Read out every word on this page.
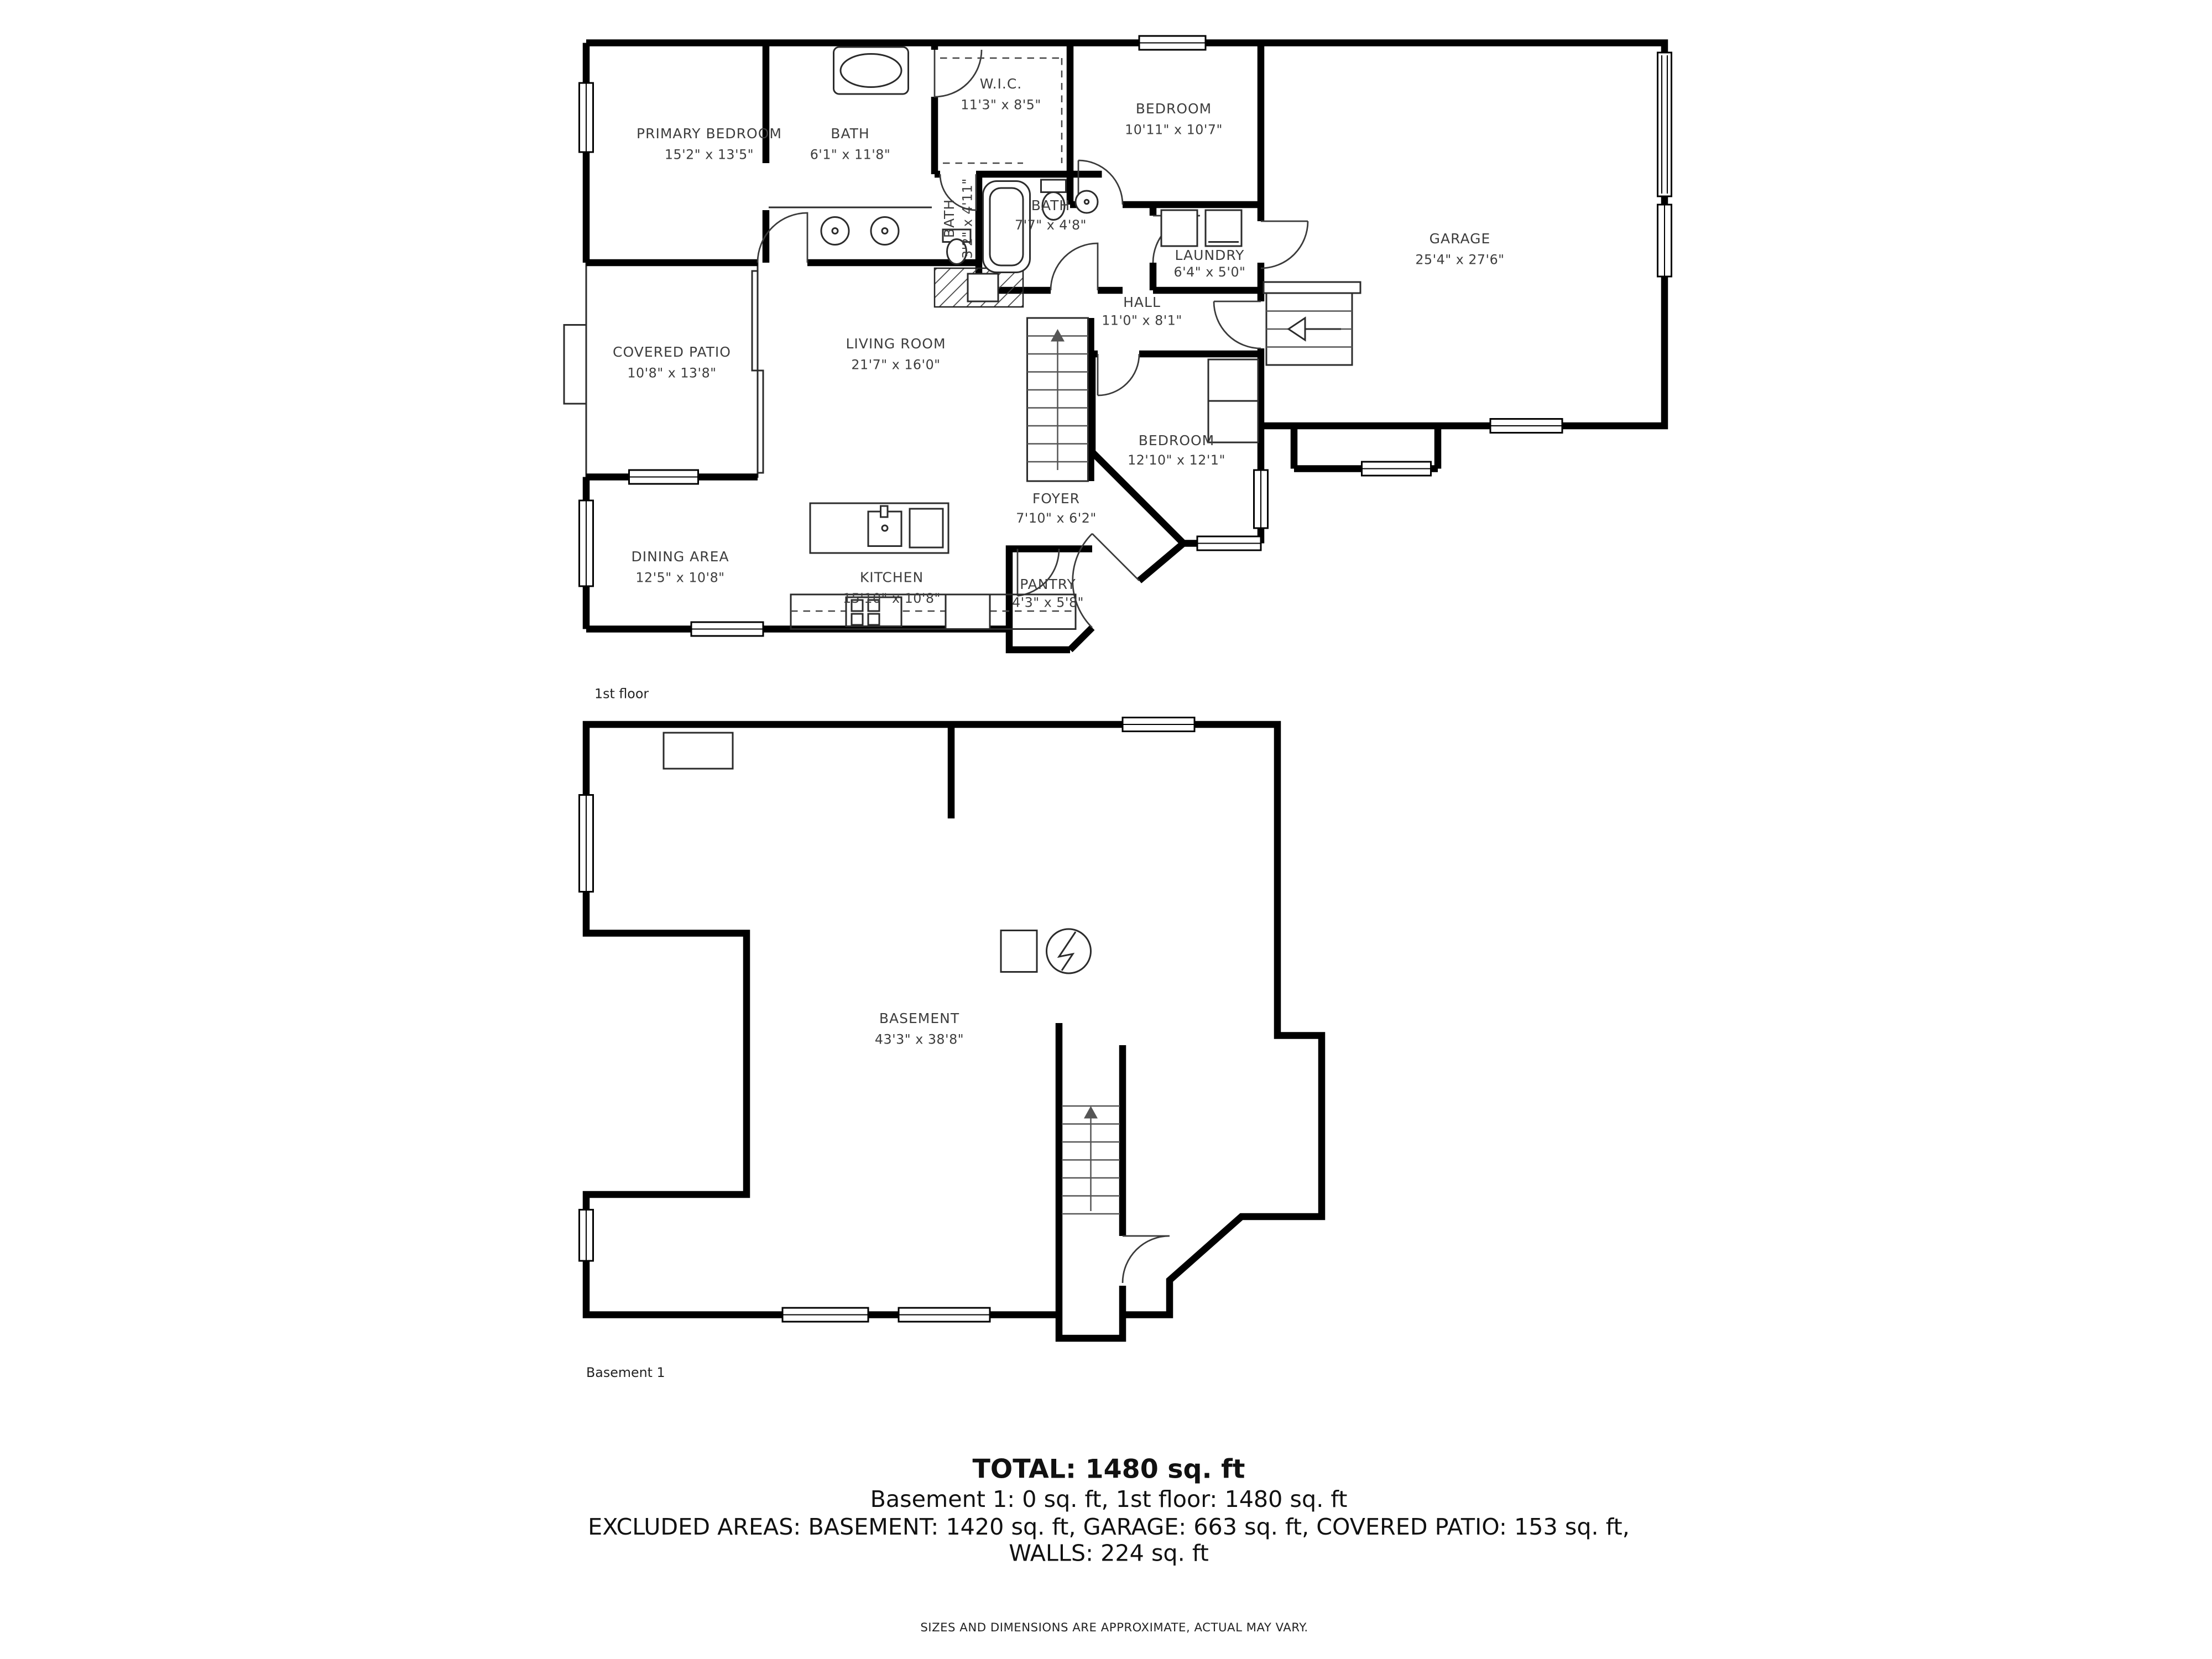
PRIMARY BEDROOM
15'2" x 13'5"
BATH
6'1" x 11'8"
W.I.C.
11'3" x 8'5"	BEDROOM
10'11" x 10'7"
BATH 3'2" x 4'11"	BATH
7'7" x 4'8"
LAUNDRY
6'4" x 5'0"
HALL
11'0" x 8'1"
GARAGE
25'4" x 27'6"
COVERED PATIO
10'8" x 13'8"
LIVING ROOM
21'7" x 16'0"
BEDROOM
12'10" x 12'1"
FOYER
7'10" x 6'2"
DINING AREA
12'5" x 10'8"	KITCHEN
15'10" x 10'8"
PANTRY
4'3" x 5'8"
1st floor
BASEMENT
43'3" x 38'8"
Basement 1
TOTAL: 1480 sq. ft
Basement 1: 0 sq. ft, 1st floor: 1480 sq. ft
EXCLUDED AREAS: BASEMENT: 1420 sq. ft, GARAGE: 663 sq. ft, COVERED PATIO: 153 sq. ft,
WALLS: 224 sq. ft
SIZES AND DIMENSIONS ARE APPROXIMATE, ACTUAL MAY VARY.
